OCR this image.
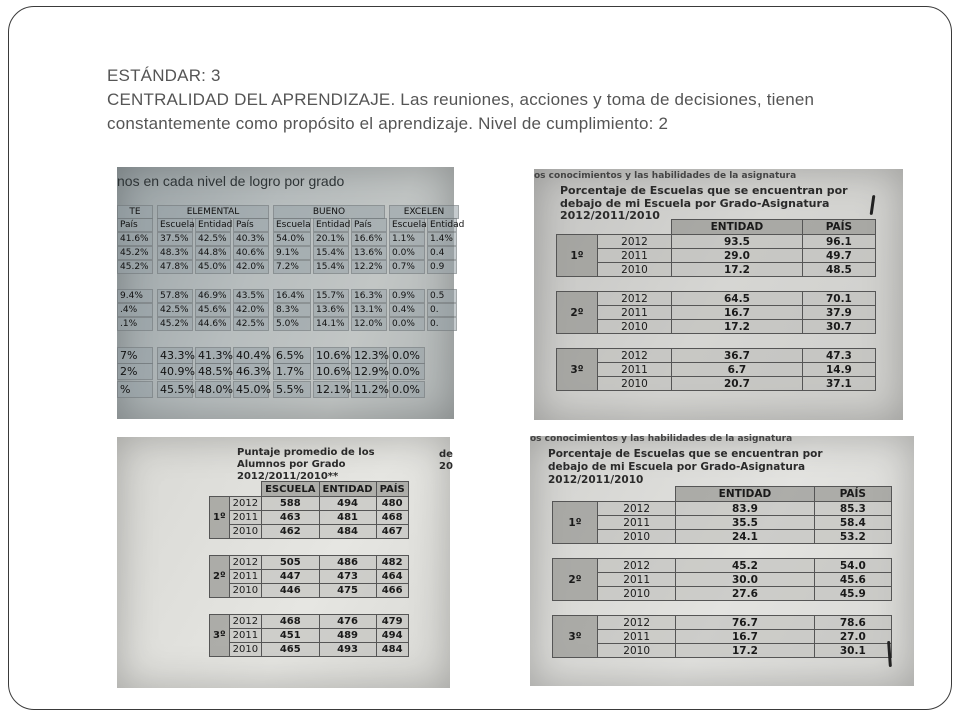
ESTÁNDAR: 3
CENTRALIDAD DEL APRENDIZAJE. Las reuniones, acciones y toma de decisiones, tienen
constantemente como propósito el aprendizaje. Nivel de cumplimiento: 2
nos en cada nivel de logro por grado
TE	ELEMENTAL	BUENO	EXCELEN
País	Escuela Entidad País	Escuela Entidad País	Escuela Entidad
41.6%	37.5%	42.5%	40.3%	54.0%	20.1%	16.6%	1.1%	1.4%
45.2%	48.3%	44.8%	40.6%	9.1%	15.4%	13.6%	0.0%	0.4
45.2%	47.8%	45.0%	42.0%	7.2%	15.4%	12.2%	0.7%	0.9
9.4%	57.8%	46.9%	43.5%	16.4%	15.7%	16.3%	0.9%	0.5
.4%	42.5%	45.6%	42.0%	8.3%	13.6%	13.1%	0.4%	0.
.1%	45.2%	44.6%	42.5%	5.0%	14.1%	12.0%	0.0%	0.
7%	43.3% 41.3% 40.4% 6.5%	10.6% 12.3% 0.0%
2%	40.9% 48.5% 46.3% 1.7%	10.6% 12.9% 0.0%
%	45.5% 48.0% 45.0% 5.5%	12.1% 11.2% 0.0%
os conocimientos y las habilidades de la asignatura
Porcentaje de Escuelas que se encuentran por
debajo de mi Escuela por Grado-Asignatura
2012/2011/2010
		ENTIDAD	PAÍS
1º	2012	93.5	96.1
	2011	29.0	49.7
	2010	17.2	48.5

2º	2012	64.5	70.1
	2011	16.7	37.9
	2010	17.2	30.7

3º	2012	36.7	47.3
	2011	6.7	14.9
	2010	20.7	37.1
Puntaje promedio de los
Alumnos por Grado
2012/2011/2010**
de
20
		ESCUELA	ENTIDAD	PAÍS
1º	2012	588	494	480
	2011	463	481	468
	2010	462	484	467

2º	2012	505	486	482
	2011	447	473	464
	2010	446	475	466

3º	2012	468	476	479
	2011	451	489	494
	2010	465	493	484
os conocimientos y las habilidades de la asignatura
Porcentaje de Escuelas que se encuentran por
debajo de mi Escuela por Grado-Asignatura
2012/2011/2010
		ENTIDAD	PAÍS
1º	2012	83.9	85.3
	2011	35.5	58.4
	2010	24.1	53.2

2º	2012	45.2	54.0
	2011	30.0	45.6
	2010	27.6	45.9

3º	2012	76.7	78.6
	2011	16.7	27.0
	2010	17.2	30.1
